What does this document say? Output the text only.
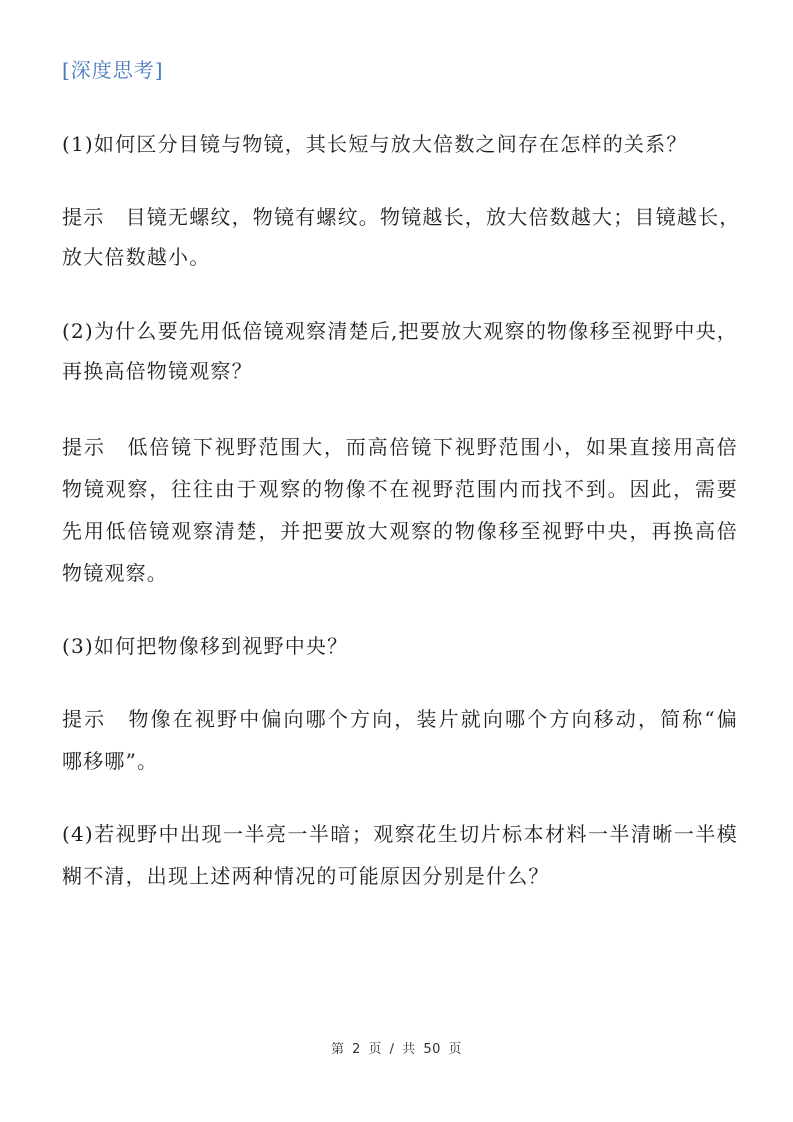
[深度思考]
(1)如何区分目镜与物镜，其长短与放大倍数之间存在怎样的关系？
提示　目镜无螺纹，物镜有螺纹。物镜越长，放大倍数越大；目镜越长，
放大倍数越小。
(2)为什么要先用低倍镜观察清楚后,把要放大观察的物像移至视野中央，
再换高倍物镜观察？
提示　低倍镜下视野范围大，而高倍镜下视野范围小，如果直接用高倍
物镜观察，往往由于观察的物像不在视野范围内而找不到。因此，需要
先用低倍镜观察清楚，并把要放大观察的物像移至视野中央，再换高倍
物镜观察。
(3)如何把物像移到视野中央？
提示　物像在视野中偏向哪个方向，装片就向哪个方向移动，简称“偏
哪移哪”。
(4)若视野中出现一半亮一半暗；观察花生切片标本材料一半清晰一半模
糊不清，出现上述两种情况的可能原因分别是什么？
第 2 页 / 共 50 页
